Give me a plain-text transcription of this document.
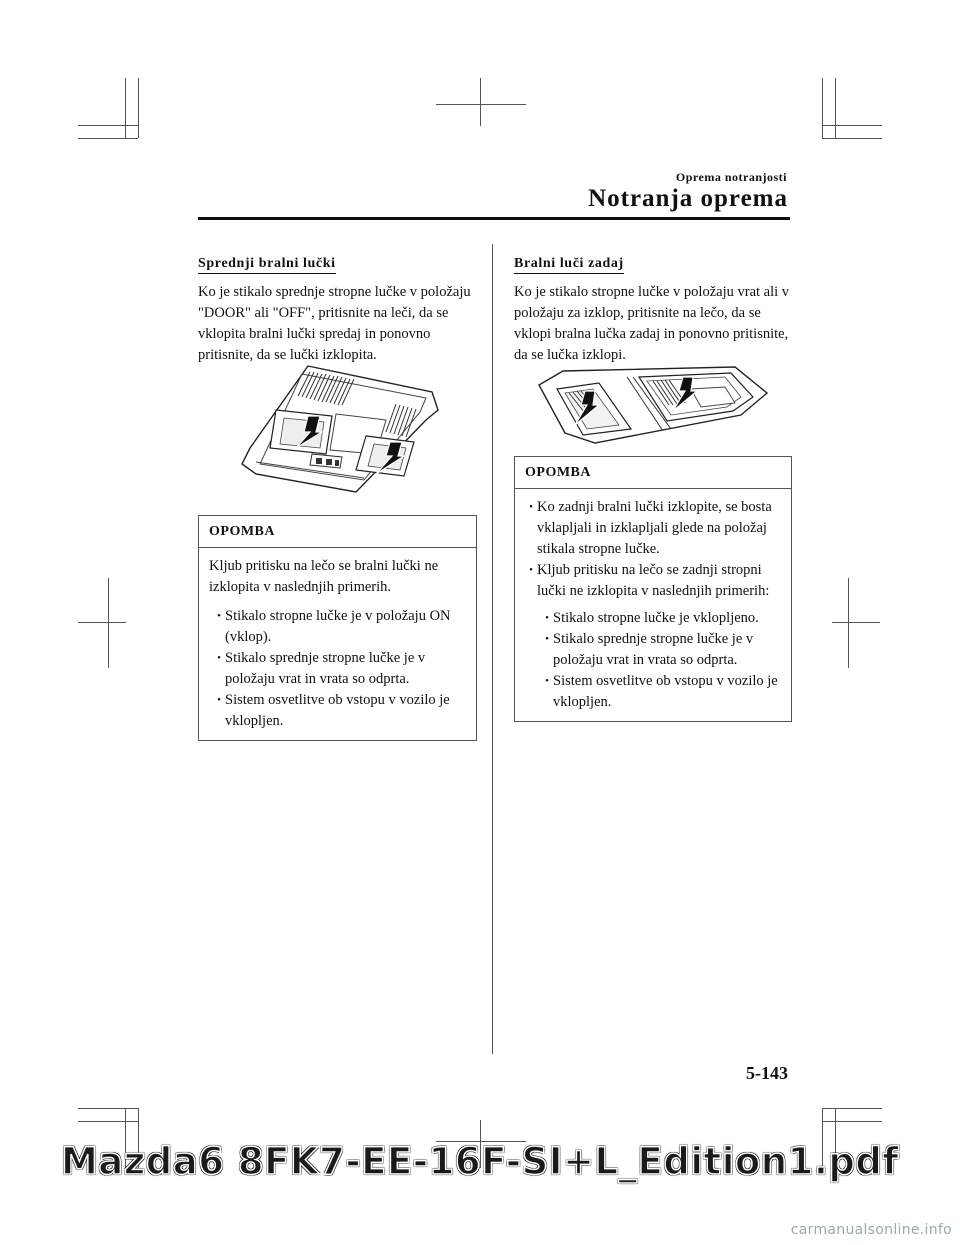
Oprema notranjosti
Notranja oprema
Sprednji bralni lučki
Ko je stikalo sprednje stropne lučke v položaju "DOOR" ali "OFF", pritisnite na leči, da se vklopita bralni lučki spredaj in ponovno pritisnite, da se lučki izklopita.
OPOMBA
Kljub pritisku na lečo se bralni lučki ne izklopita v naslednjih primerih.
• Stikalo stropne lučke je v položaju ON (vklop).
• Stikalo sprednje stropne lučke je v položaju vrat in vrata so odprta.
• Sistem osvetlitve ob vstopu v vozilo je vklopljen.
Bralni luči zadaj
Ko je stikalo stropne lučke v položaju vrat ali v položaju za izklop, pritisnite na lečo, da se vklopi bralna lučka zadaj in ponovno pritisnite, da se lučka izklopi.
OPOMBA
• Ko zadnji bralni lučki izklopite, se bosta vklapljali in izklapljali glede na položaj stikala stropne lučke.
• Kljub pritisku na lečo se zadnji stropni lučki ne izklopita v naslednjih primerih:
• Stikalo stropne lučke je vklopljeno.
• Stikalo sprednje stropne lučke je v položaju vrat in vrata so odprta.
• Sistem osvetlitve ob vstopu v vozilo je vklopljen.
5-143
Mazda6 8FK7-EE-16F-SI+L_Edition1.pdf
carmanualsonline.info
